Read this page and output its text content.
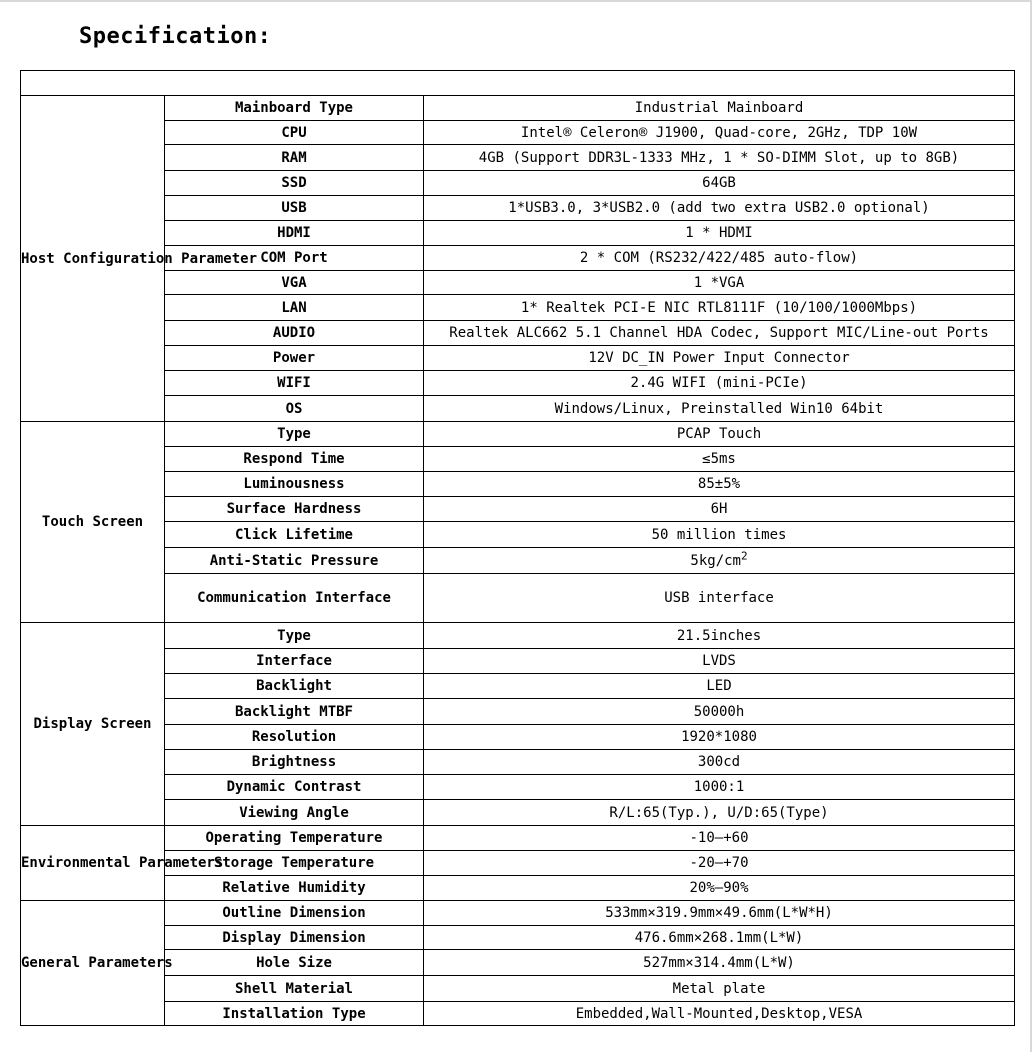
Specification:

Host Configuration Parameter	Mainboard Type	Industrial Mainboard
	CPU	Intel® Celeron® J1900, Quad-core, 2GHz, TDP 10W
	RAM	4GB (Support DDR3L-1333 MHz, 1 * SO-DIMM Slot, up to 8GB)
	SSD	64GB
	USB	1*USB3.0, 3*USB2.0 (add two extra USB2.0 optional)
	HDMI	1 * HDMI
	COM Port	2 * COM (RS232/422/485 auto-flow)
	VGA	1 *VGA
	LAN	1* Realtek PCI-E NIC RTL8111F (10/100/1000Mbps)
	AUDIO	Realtek ALC662 5.1 Channel HDA Codec, Support MIC/Line-out Ports
	Power	12V DC_IN Power Input Connector
	WIFI	2.4G WIFI (mini-PCIe)
	OS	Windows/Linux, Preinstalled Win10 64bit
Touch Screen	Type	PCAP Touch
	Respond Time	≤5ms
	Luminousness	85±5%
	Surface Hardness	6H
	Click Lifetime	50 million times
	Anti-Static Pressure	$5kg/cm^2$
	Communication Interface	USB interface
Display Screen	Type	21.5inches
	Interface	LVDS
	Backlight	LED
	Backlight MTBF	50000h
	Resolution	1920*1080
	Brightness	300cd
	Dynamic Contrast	1000:1
	Viewing Angle	R/L:65(Typ.), U/D:65(Type)
Environmental Parameters	Operating Temperature	-10—+60
	Storage Temperature	-20—+70
	Relative Humidity	20%—90%
General Parameters	Outline Dimension	533mm×319.9mm×49.6mm(L*W*H)
	Display Dimension	476.6mm×268.1mm(L*W)
	Hole Size	527mm×314.4mm(L*W)
	Shell Material	Metal plate
	Installation Type	Embedded,Wall-Mounted,Desktop,VESA
